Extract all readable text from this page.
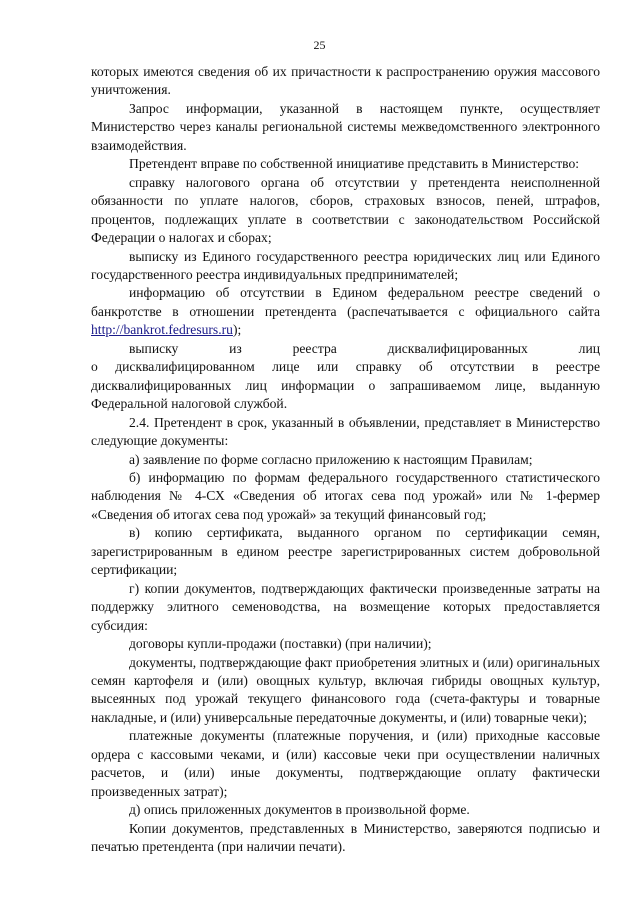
25

которых имеются сведения об их причастности к распространению оружия массового уничтожения.

Запрос информации, указанной в настоящем пункте, осуществляет Министерство через каналы региональной системы межведомственного электронного взаимодействия.

Претендент вправе по собственной инициативе представить в Министерство:

справку налогового органа об отсутствии у претендента неисполненной обязанности по уплате налогов, сборов, страховых взносов, пеней, штрафов, процентов, подлежащих уплате в соответствии с законодательством Российской Федерации о налогах и сборах;

выписку из Единого государственного реестра юридических лиц или Единого государственного реестра индивидуальных предпринимателей;

информацию об отсутствии в Едином федеральном реестре сведений о банкротстве в отношении претендента (распечатывается с официального сайта http://bankrot.fedresurs.ru);

выписку из реестра дисквалифицированных лиц

о дисквалифицированном лице или справку об отсутствии в реестре дисквалифицированных лиц информации о запрашиваемом лице, выданную Федеральной налоговой службой.

2.4. Претендент в срок, указанный в объявлении, представляет в Министерство следующие документы:

а) заявление по форме согласно приложению к настоящим Правилам;

б) информацию по формам федерального государственного статистического наблюдения № 4-СХ «Сведения об итогах сева под урожай» или № 1-фермер «Сведения об итогах сева под урожай» за текущий финансовый год;

в) копию сертификата, выданного органом по сертификации семян, зарегистрированным в едином реестре зарегистрированных систем добровольной сертификации;

г) копии документов, подтверждающих фактически произведенные затраты на поддержку элитного семеноводства, на возмещение которых предоставляется субсидия:

договоры купли-продажи (поставки) (при наличии);

документы, подтверждающие факт приобретения элитных и (или) оригинальных семян картофеля и (или) овощных культур, включая гибриды овощных культур, высеянных под урожай текущего финансового года (счета-фактуры и товарные накладные, и (или) универсальные передаточные документы, и (или) товарные чеки);

платежные документы (платежные поручения, и (или) приходные кассовые ордера с кассовыми чеками, и (или) кассовые чеки при осуществлении наличных расчетов, и (или) иные документы, подтверждающие оплату фактически произведенных затрат);

д) опись приложенных документов в произвольной форме.

Копии документов, представленных в Министерство, заверяются подписью и печатью претендента (при наличии печати).
